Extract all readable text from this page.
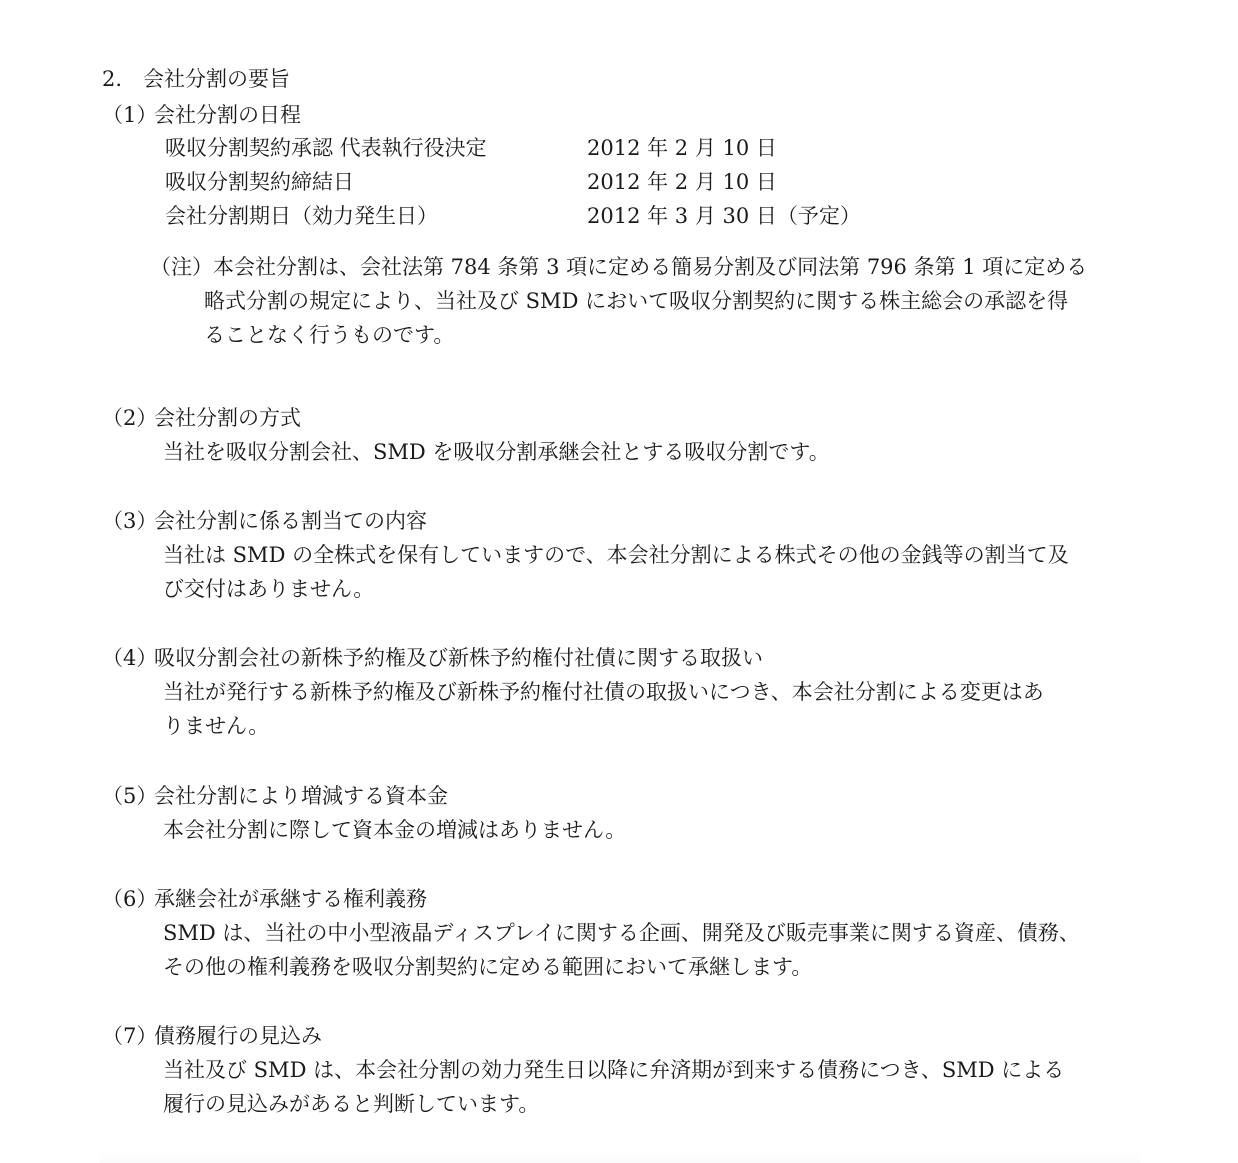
2.　会社分割の要旨
（1）会社分割の日程
吸収分割契約承認 代表執行役決定	2012 年 2 月 10 日
吸収分割契約締結日	2012 年 2 月 10 日
会社分割期日（効力発生日）	2012 年 3 月 30 日（予定）
（注）本会社分割は、会社法第 784 条第 3 項に定める簡易分割及び同法第 796 条第 1 項に定める
略式分割の規定により、当社及び SMD において吸収分割契約に関する株主総会の承認を得
ることなく行うものです。
（2）会社分割の方式
当社を吸収分割会社、SMD を吸収分割承継会社とする吸収分割です。
（3）会社分割に係る割当ての内容
当社は SMD の全株式を保有していますので、本会社分割による株式その他の金銭等の割当て及
び交付はありません。
（4）吸収分割会社の新株予約権及び新株予約権付社債に関する取扱い
当社が発行する新株予約権及び新株予約権付社債の取扱いにつき、本会社分割による変更はあ
りません。
（5）会社分割により増減する資本金
本会社分割に際して資本金の増減はありません。
（6）承継会社が承継する権利義務
SMD は、当社の中小型液晶ディスプレイに関する企画、開発及び販売事業に関する資産、債務、
その他の権利義務を吸収分割契約に定める範囲において承継します。
（7）債務履行の見込み
当社及び SMD は、本会社分割の効力発生日以降に弁済期が到来する債務につき、SMD による
履行の見込みがあると判断しています。
